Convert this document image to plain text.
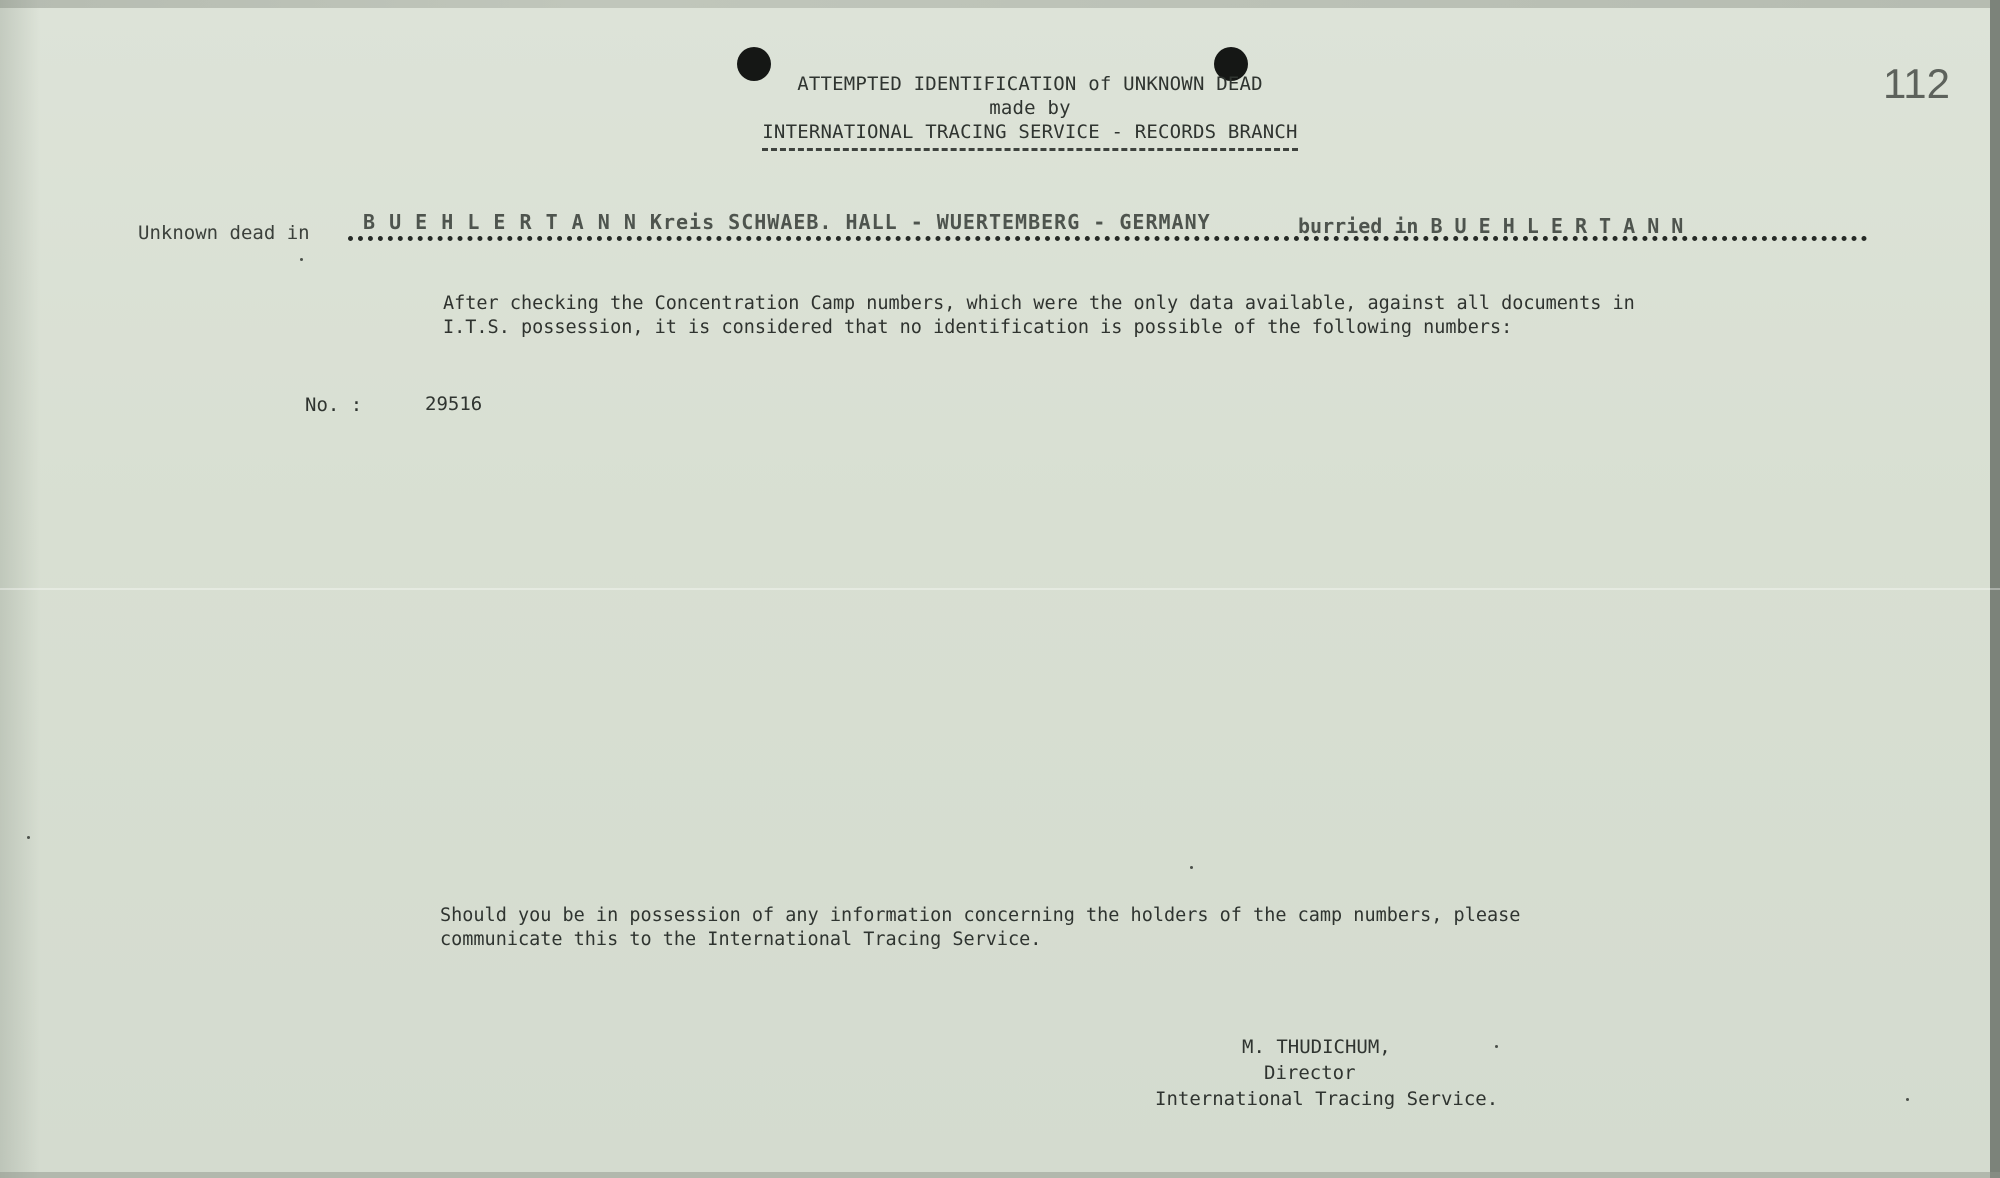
112
ATTEMPTED IDENTIFICATION of UNKNOWN DEAD
made by
INTERNATIONAL TRACING SERVICE - RECORDS BRANCH
Unknown dead in	B U E H L E R T A N N Kreis SCHWAEB. HALL - WUERTEMBERG - GERMANY	burried in B U E H L E R T A N N
After checking the Concentration Camp numbers, which were the only data available, against all documents in I.T.S. possession, it is considered that no identification is possible of the following numbers:
No. :	29516
Should you be in possession of any information concerning the holders of the camp numbers, please communicate this to the International Tracing Service.
M. THUDICHUM,
Director
International Tracing Service.
